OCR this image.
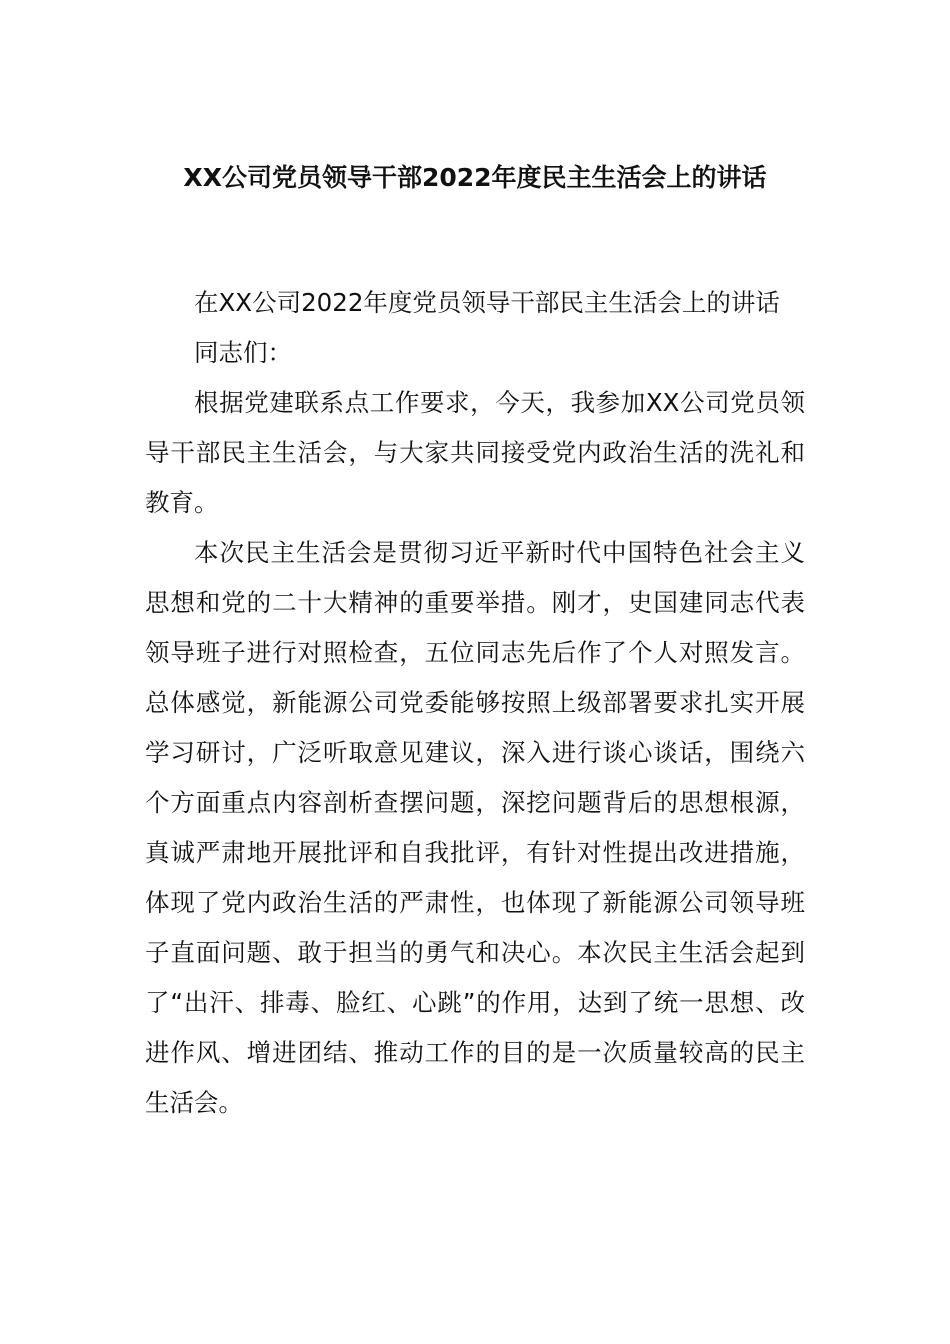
XX公司党员领导干部2022年度民主生活会上的讲话

在XX公司2022年度党员领导干部民主生活会上的讲话

同志们：

根据党建联系点工作要求，今天，我参加XX公司党员领导干部民主生活会，与大家共同接受党内政治生活的洗礼和教育。

本次民主生活会是贯彻习近平新时代中国特色社会主义思想和党的二十大精神的重要举措。刚才，史国建同志代表领导班子进行对照检查，五位同志先后作了个人对照发言。总体感觉，新能源公司党委能够按照上级部署要求扎实开展学习研讨，广泛听取意见建议，深入进行谈心谈话，围绕六个方面重点内容剖析查摆问题，深挖问题背后的思想根源，真诚严肃地开展批评和自我批评，有针对性提出改进措施，体现了党内政治生活的严肃性，也体现了新能源公司领导班子直面问题、敢于担当的勇气和决心。本次民主生活会起到了“出汗、排毒、脸红、心跳”的作用，达到了统一思想、改进作风、增进团结、推动工作的目的是一次质量较高的民主生活会。
